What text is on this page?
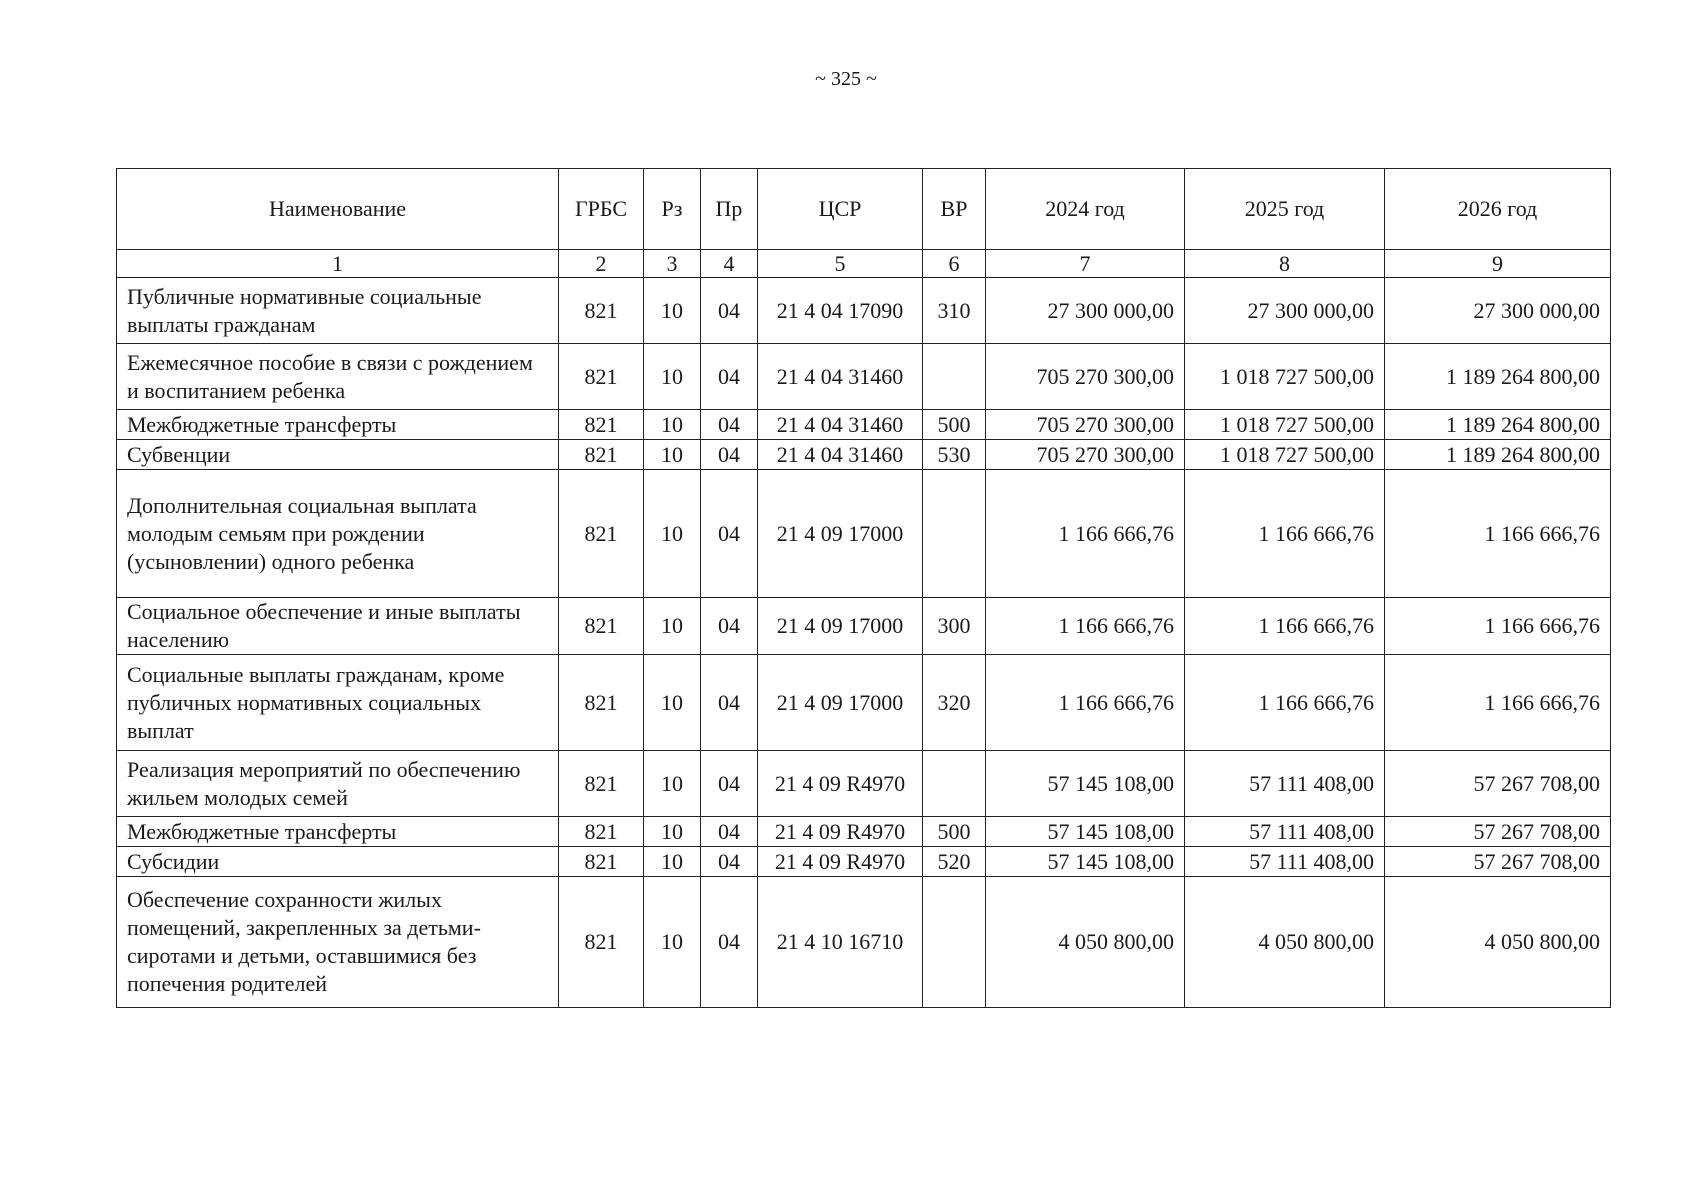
~ 325 ~
Наименование	ГРБС	Рз	Пр	ЦСР	ВР	2024 год	2025 год	2026 год
1	2	3	4	5	6	7	8	9
Публичные нормативные социальные выплаты гражданам	821	10	04	21 4 04 17090	310	27 300 000,00	27 300 000,00	27 300 000,00
Ежемесячное пособие в связи с рождением и воспитанием ребенка	821	10	04	21 4 04 31460		705 270 300,00	1 018 727 500,00	1 189 264 800,00
Межбюджетные трансферты	821	10	04	21 4 04 31460	500	705 270 300,00	1 018 727 500,00	1 189 264 800,00
Субвенции	821	10	04	21 4 04 31460	530	705 270 300,00	1 018 727 500,00	1 189 264 800,00
Дополнительная социальная выплата молодым семьям при рождении (усыновлении) одного ребенка	821	10	04	21 4 09 17000		1 166 666,76	1 166 666,76	1 166 666,76
Социальное обеспечение и иные выплаты населению	821	10	04	21 4 09 17000	300	1 166 666,76	1 166 666,76	1 166 666,76
Социальные выплаты гражданам, кроме публичных нормативных социальных выплат	821	10	04	21 4 09 17000	320	1 166 666,76	1 166 666,76	1 166 666,76
Реализация мероприятий по обеспечению жильем молодых семей	821	10	04	21 4 09 R4970		57 145 108,00	57 111 408,00	57 267 708,00
Межбюджетные трансферты	821	10	04	21 4 09 R4970	500	57 145 108,00	57 111 408,00	57 267 708,00
Субсидии	821	10	04	21 4 09 R4970	520	57 145 108,00	57 111 408,00	57 267 708,00
Обеспечение сохранности жилых помещений, закрепленных за детьми-сиротами и детьми, оставшимися без попечения родителей	821	10	04	21 4 10 16710		4 050 800,00	4 050 800,00	4 050 800,00
